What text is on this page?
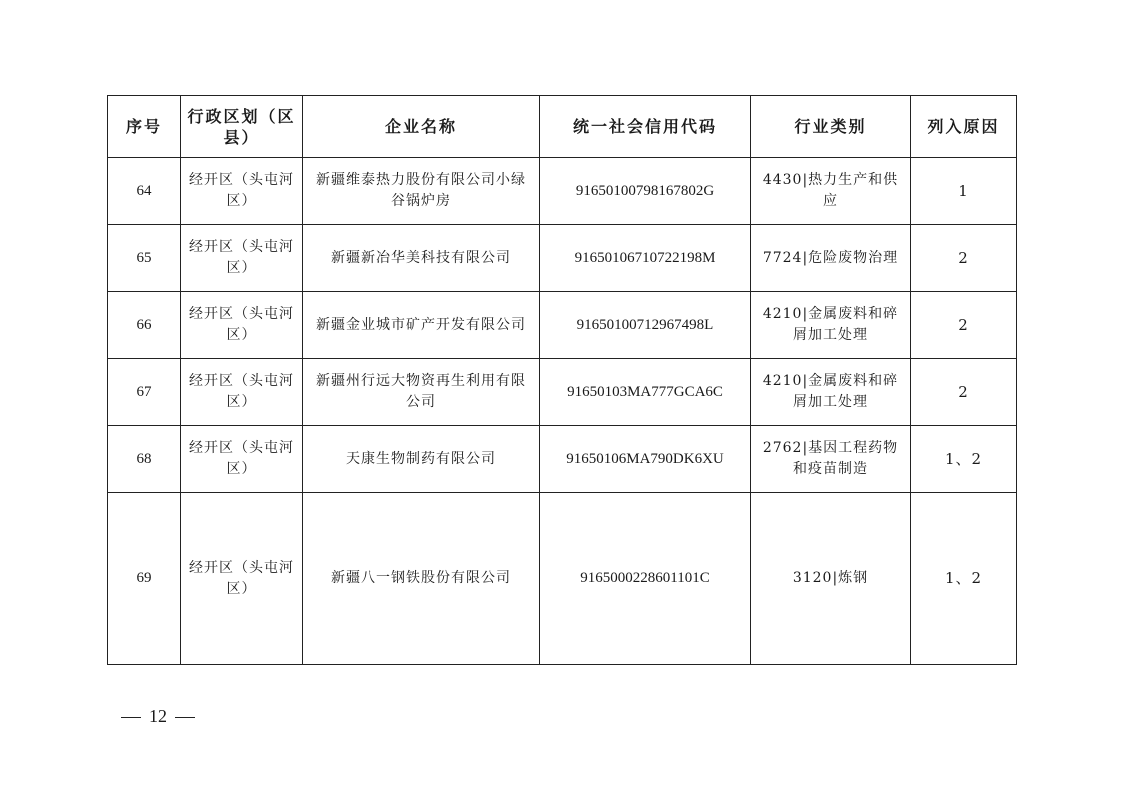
序号	行政区划（区县）	企业名称	统一社会信用代码	行业类别	列入原因
64	经开区（头屯河区）	新疆维泰热力股份有限公司小绿谷锅炉房	91650100798167802G	4430|热力生产和供应	1
65	经开区（头屯河区）	新疆新冶华美科技有限公司	91650106710722198M	7724|危险废物治理	2
66	经开区（头屯河区）	新疆金业城市矿产开发有限公司	91650100712967498L	4210|金属废料和碎屑加工处理	2
67	经开区（头屯河区）	新疆州行远大物资再生利用有限公司	91650103MA777GCA6C	4210|金属废料和碎屑加工处理	2
68	经开区（头屯河区）	天康生物制药有限公司	91650106MA790DK6XU	2762|基因工程药物和疫苗制造	1、2
69	经开区（头屯河区）	新疆八一钢铁股份有限公司	9165000228601101C	3120|炼钢	1、2
12
